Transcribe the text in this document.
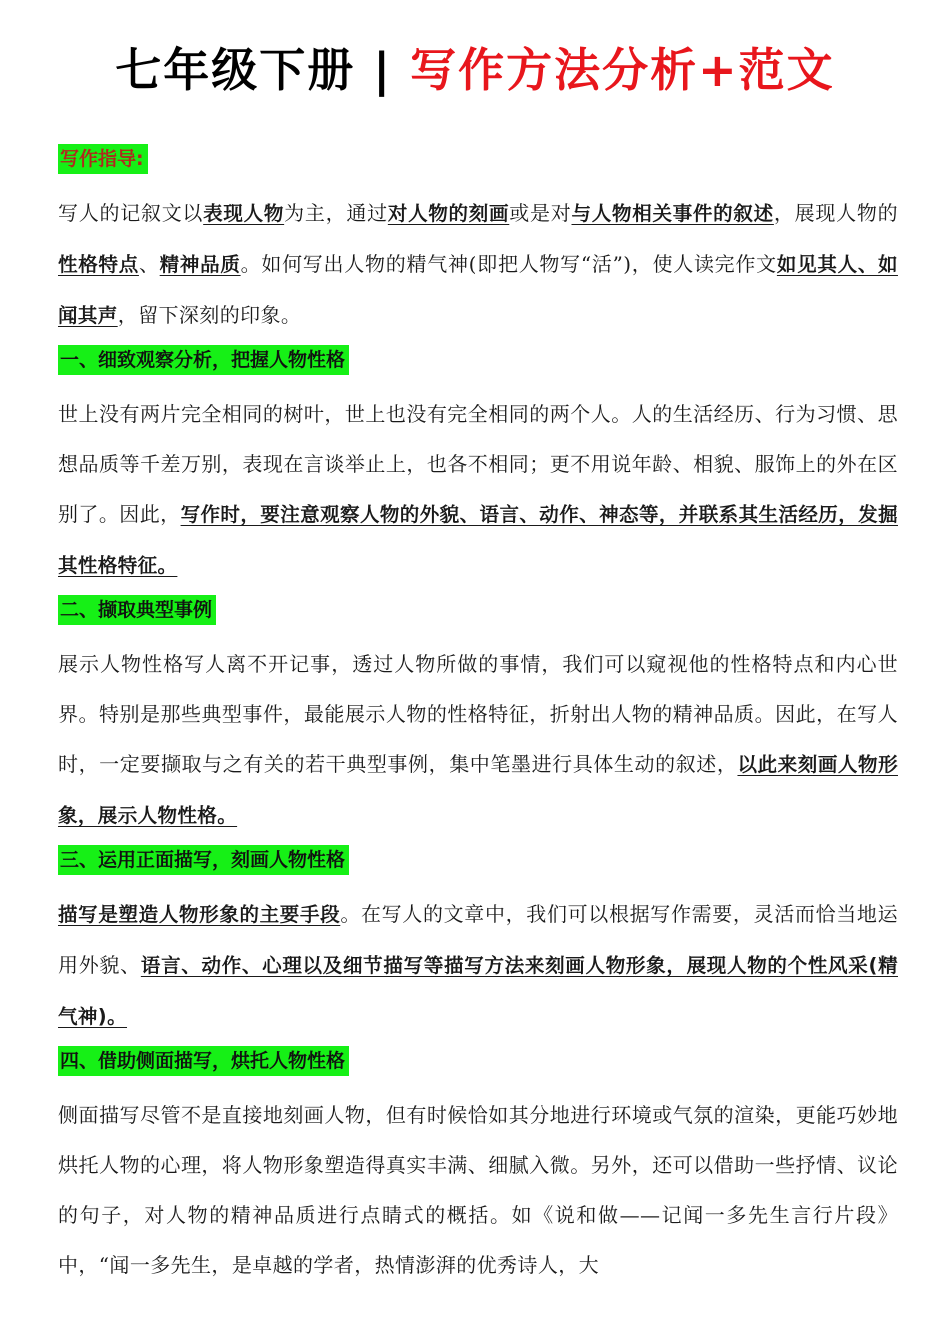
七年级下册 | 写作方法分析+范文
写作指导:

写人的记叙文以表现人物为主，通过对人物的刻画或是对与人物相关事件的叙述，展现人物的性格特点、精神品质。如何写出人物的精气神(即把人物写“活”)，使人读完作文如见其人、如闻其声，留下深刻的印象。

一、细致观察分析，把握人物性格

世上没有两片完全相同的树叶，世上也没有完全相同的两个人。人的生活经历、行为习惯、思想品质等千差万别，表现在言谈举止上，也各不相同；更不用说年龄、相貌、服饰上的外在区别了。因此，写作时，要注意观察人物的外貌、语言、动作、神态等，并联系其生活经历，发掘其性格特征。

二、撷取典型事例

展示人物性格写人离不开记事，透过人物所做的事情，我们可以窥视他的性格特点和内心世界。特别是那些典型事件，最能展示人物的性格特征，折射出人物的精神品质。因此，在写人时，一定要撷取与之有关的若干典型事例，集中笔墨进行具体生动的叙述，以此来刻画人物形象，展示人物性格。

三、运用正面描写，刻画人物性格

描写是塑造人物形象的主要手段。在写人的文章中，我们可以根据写作需要，灵活而恰当地运用外貌、语言、动作、心理以及细节描写等描写方法来刻画人物形象，展现人物的个性风采(精气神)。

四、借助侧面描写，烘托人物性格

侧面描写尽管不是直接地刻画人物，但有时候恰如其分地进行环境或气氛的渲染，更能巧妙地烘托人物的心理，将人物形象塑造得真实丰满、细腻入微。另外，还可以借助一些抒情、议论的句子，对人物的精神品质进行点睛式的概括。如《说和做——记闻一多先生言行片段》中，“闻一多先生，是卓越的学者，热情澎湃的优秀诗人，大
